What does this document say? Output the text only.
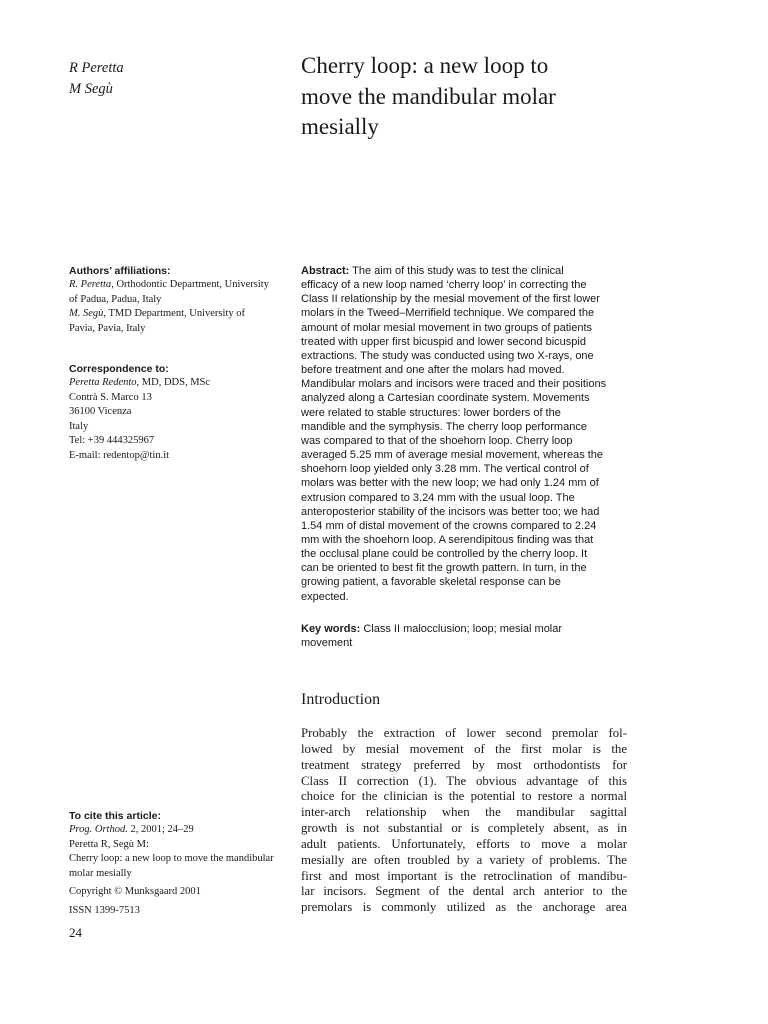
R Peretta
M Segù
Cherry loop: a new loop to
move the mandibular molar
mesially
Authors’ affiliations:
R. Peretta, Orthodontic Department, University
of Padua, Padua, Italy
M. Segù, TMD Department, University of
Pavia, Pavia, Italy
Correspondence to:
Peretta Redento, MD, DDS, MSc
Contrà S. Marco 13
36100 Vicenza
Italy
Tel: +39 444325967
E-mail: redentop@tin.it
To cite this article:
Prog. Orthod. 2, 2001; 24–29
Peretta R, Segù M:
Cherry loop: a new loop to move the mandibular
molar mesially
Copyright © Munksgaard 2001
ISSN 1399-7513
Abstract: The aim of this study was to test the clinical
efficacy of a new loop named ‘cherry loop’ in correcting the
Class II relationship by the mesial movement of the first lower
molars in the Tweed–Merrifield technique. We compared the
amount of molar mesial movement in two groups of patients
treated with upper first bicuspid and lower second bicuspid
extractions. The study was conducted using two X-rays, one
before treatment and one after the molars had moved.
Mandibular molars and incisors were traced and their positions
analyzed along a Cartesian coordinate system. Movements
were related to stable structures: lower borders of the
mandible and the symphysis. The cherry loop performance
was compared to that of the shoehorn loop. Cherry loop
averaged 5.25 mm of average mesial movement, whereas the
shoehorn loop yielded only 3.28 mm. The vertical control of
molars was better with the new loop; we had only 1.24 mm of
extrusion compared to 3.24 mm with the usual loop. The
anteroposterior stability of the incisors was better too; we had
1.54 mm of distal movement of the crowns compared to 2.24
mm with the shoehorn loop. A serendipitous finding was that
the occlusal plane could be controlled by the cherry loop. It
can be oriented to best fit the growth pattern. In turn, in the
growing patient, a favorable skeletal response can be
expected.
Key words: Class II malocclusion; loop; mesial molar
movement
Introduction
Probably the extraction of lower second premolar fol-
lowed by mesial movement of the first molar is the
treatment strategy preferred by most orthodontists for
Class II correction (1). The obvious advantage of this
choice for the clinician is the potential to restore a normal
inter-arch relationship when the mandibular sagittal
growth is not substantial or is completely absent, as in
adult patients. Unfortunately, efforts to move a molar
mesially are often troubled by a variety of problems. The
first and most important is the retroclination of mandibu-
lar incisors. Segment of the dental arch anterior to the
premolars is commonly utilized as the anchorage area
24
